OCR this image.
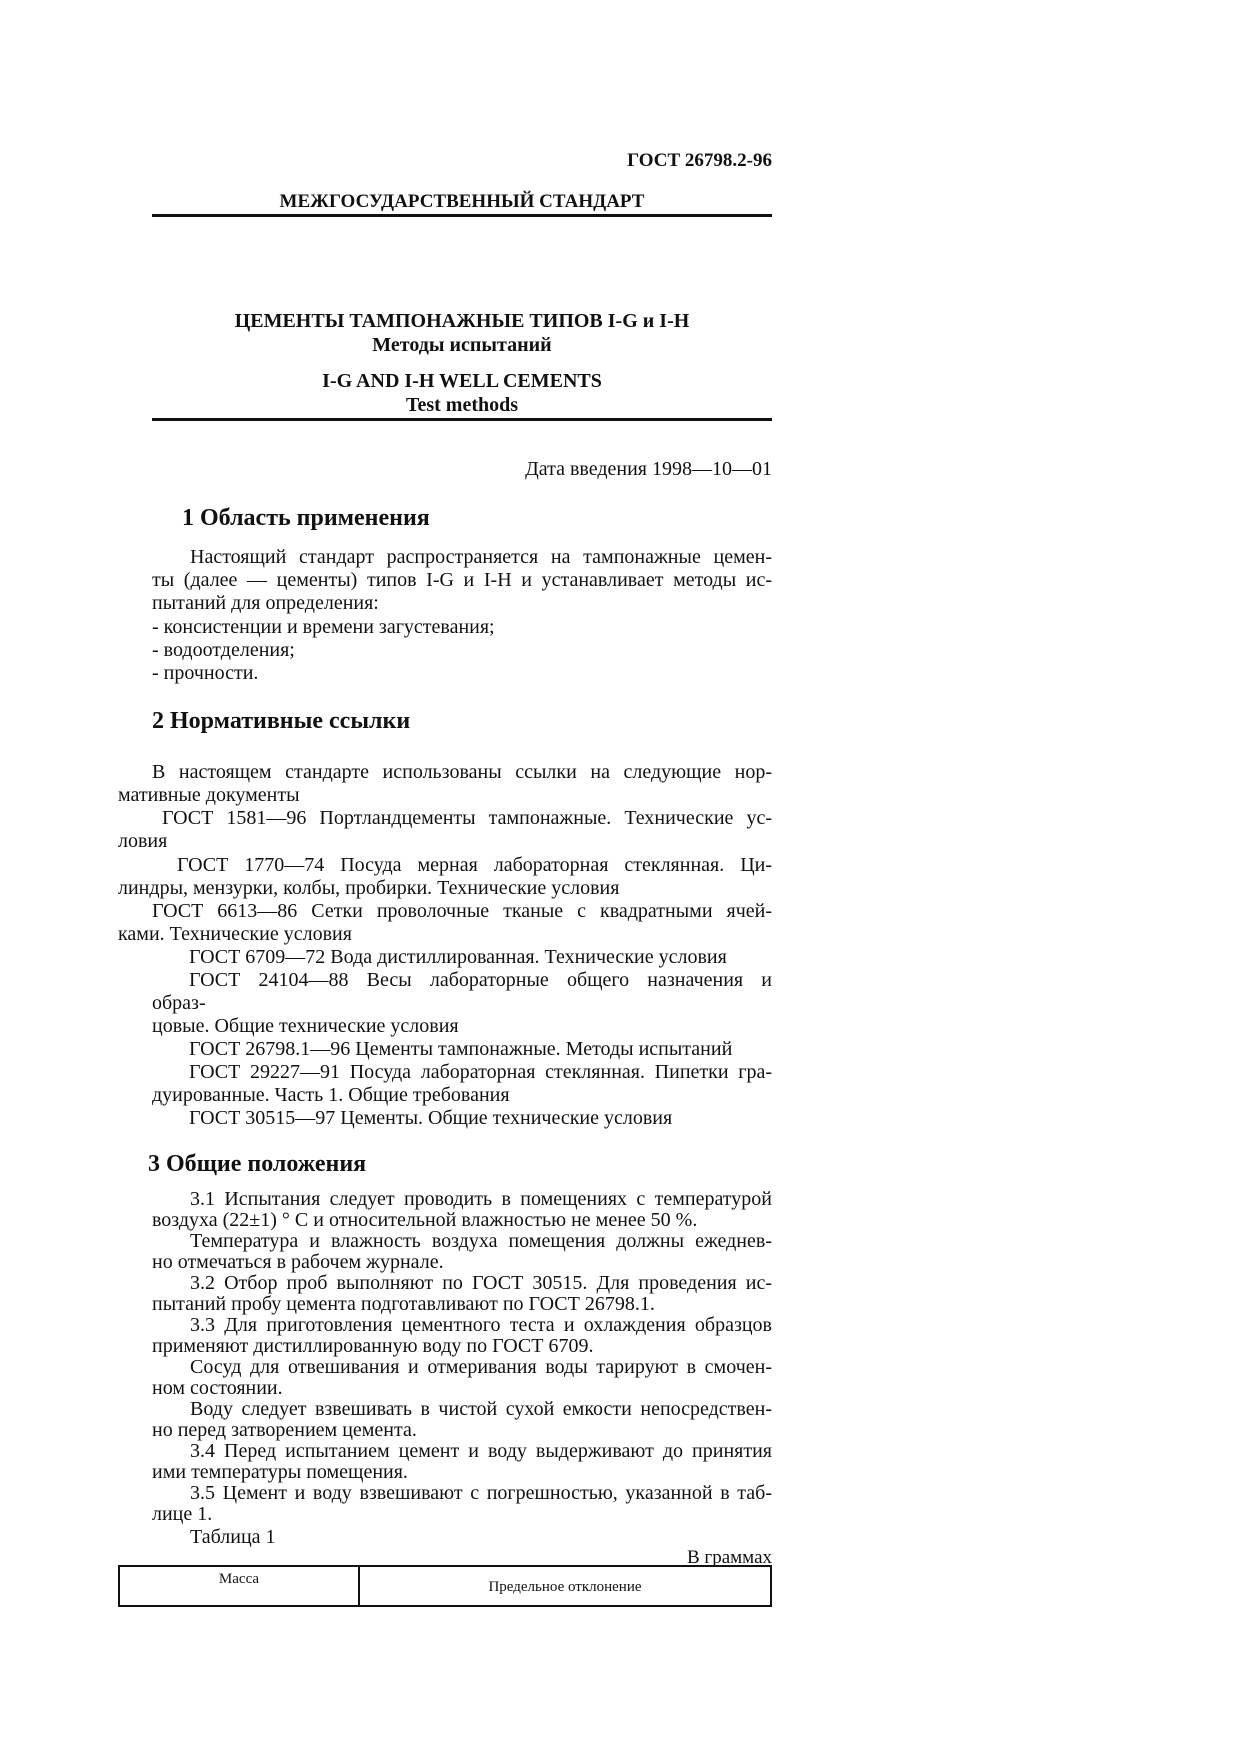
ГОСТ 26798.2-96
МЕЖГОСУДАРСТВЕННЫЙ СТАНДАРТ
ЦЕМЕНТЫ ТАМПОНАЖНЫЕ ТИПОВ I-G и I-H
Методы испытаний
I-G AND I-H WELL CEMENTS
Test methods
Дата введения 1998—10—01
1 Область применения
Настоящий стандарт распространяется на тампонажные цемен-
ты (далее — цементы) типов I-G и I-H и устанавливает методы ис-
пытаний для определения:
- консистенции и времени загустевания;
- водоотделения;
- прочности.
2 Нормативные ссылки
В настоящем стандарте использованы ссылки на следующие нор-
мативные документы
ГОСТ 1581—96 Портландцементы тампонажные. Технические ус-
ловия
ГОСТ 1770—74 Посуда мерная лабораторная стеклянная. Ци-
линдры, мензурки, колбы, пробирки. Технические условия
ГОСТ 6613—86 Сетки проволочные тканые с квадратными ячей-
ками. Технические условия
ГОСТ 6709—72 Вода дистиллированная. Технические условия
ГОСТ 24104—88 Весы лабораторные общего назначения и
образ-
цовые. Общие технические условия
ГОСТ 26798.1—96 Цементы тампонажные. Методы испытаний
ГОСТ 29227—91 Посуда лабораторная стеклянная. Пипетки гра-
дуированные. Часть 1. Общие требования
ГОСТ 30515—97 Цементы. Общие технические условия
3 Общие положения
3.1 Испытания следует проводить в помещениях с температурой
воздуха (22±1) ° С и относительной влажностью не менее 50 %.
Температура и влажность воздуха помещения должны ежеднев-
но отмечаться в рабочем журнале.
3.2 Отбор проб выполняют по ГОСТ 30515. Для проведения ис-
пытаний пробу цемента подготавливают по ГОСТ 26798.1.
3.3 Для приготовления цементного теста и охлаждения образцов
применяют дистиллированную воду по ГОСТ 6709.
Сосуд для отвешивания и отмеривания воды тарируют в смочен-
ном состоянии.
Воду следует взвешивать в чистой сухой емкости непосредствен-
но перед затворением цемента.
3.4 Перед испытанием цемент и воду выдерживают до принятия
ими температуры помещения.
3.5 Цемент и воду взвешивают с погрешностью, указанной в таб-
лице 1.
Таблица 1
В граммах
Масса	Предельное отклонение
